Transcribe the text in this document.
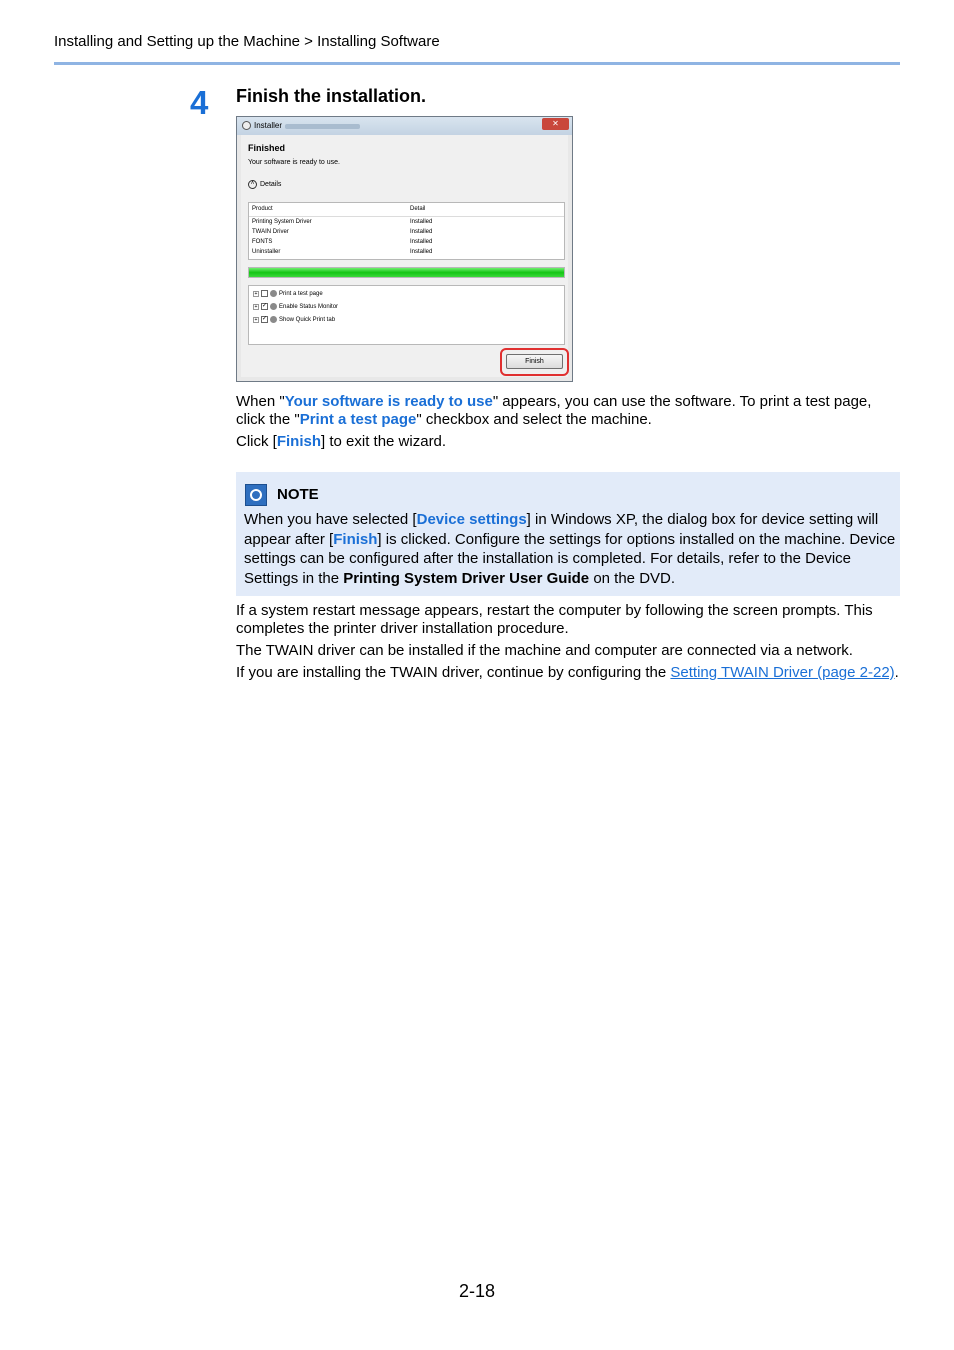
Installing and Setting up the Machine > Installing Software
4 Finish the installation.
Installer	✕
Finished
Your software is ready to use.
˄ Details
Product	Detail
Printing System Driver	Installed
TWAIN Driver	Installed
FONTS	Installed
Uninstaller	Installed
+	Print a test page
+ ✓ Enable Status Monitor
+ ✓ Show Quick Print tab
Finish
When "Your software is ready to use" appears, you can use the software. To print a test page, click the "Print a test page" checkbox and select the machine.
Click [Finish] to exit the wizard.
NOTE
When you have selected [Device settings] in Windows XP, the dialog box for device setting will appear after [Finish] is clicked. Configure the settings for options installed on the machine. Device settings can be configured after the installation is completed. For details, refer to the Device Settings in the Printing System Driver User Guide on the DVD.
If a system restart message appears, restart the computer by following the screen prompts. This completes the printer driver installation procedure.
The TWAIN driver can be installed if the machine and computer are connected via a network.
If you are installing the TWAIN driver, continue by configuring the Setting TWAIN Driver (page 2-22).
2-18
